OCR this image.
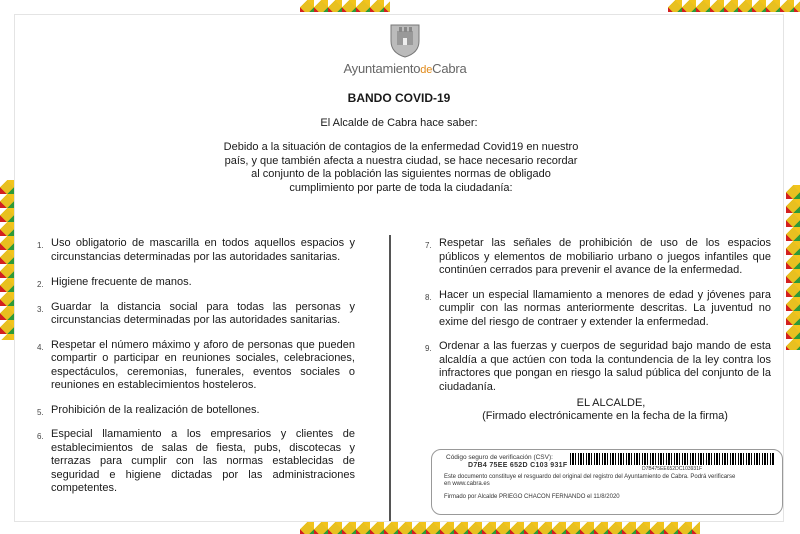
AyuntamientodeCabra
BANDO COVID-19
El Alcalde de Cabra hace saber:
Debido a la situación de contagios de la enfermedad Covid19 en nuestro país, y que también afecta a nuestra ciudad, se hace necesario recordar al conjunto de la población las siguientes normas de obligado cumplimiento por parte de toda la ciudadanía:
1. Uso obligatorio de mascarilla en todos aquellos espacios y circunstancias determinadas por las autoridades sanitarias.
2. Higiene frecuente de manos.
3. Guardar la distancia social para todas las personas y circunstancias determinadas por las autoridades sanitarias.
4. Respetar el número máximo y aforo de personas que pueden compartir o participar en reuniones sociales, celebraciones, espectáculos, ceremonias, funerales, eventos sociales o reuniones en establecimientos hosteleros.
5. Prohibición de la realización de botellones.
6. Especial llamamiento a los empresarios y clientes de establecimientos de salas de fiesta, pubs, discotecas y terrazas para cumplir con las normas establecidas de seguridad e higiene dictadas por las administraciones competentes.
7. Respetar las señales de prohibición de uso de los espacios públicos y elementos de mobiliario urbano o juegos infantiles que continúen cerrados para prevenir el avance de la enfermedad.
8. Hacer un especial llamamiento a menores de edad y jóvenes para cumplir con las normas anteriormente descritas. La juventud no exime del riesgo de contraer y extender la enfermedad.
9. Ordenar a las fuerzas y cuerpos de seguridad bajo mando de esta alcaldía a que actúen con toda la contundencia de la ley contra los infractores que pongan en riesgo la salud pública del conjunto de la ciudadanía.
EL ALCALDE,
(Firmado electrónicamente en la fecha de la firma)
Código seguro de verificación (CSV):
D7B4 75EE 652D C103 931F	D7B475EE652DC103931F
Este documento constituye el resguardo del original del registro del Ayuntamiento de Cabra. Podrá verificarse
en www.cabra.es
Firmado por Alcalde PRIEGO CHACON FERNANDO el 11/8/2020
